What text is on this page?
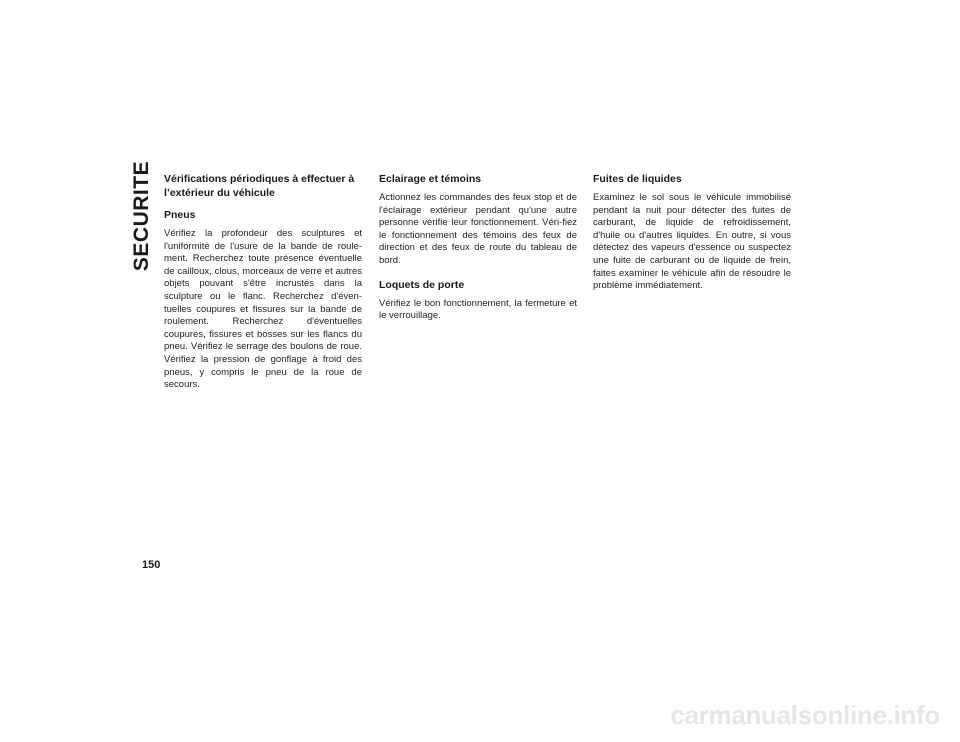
SECURITE Vérifications périodiques à effectuer à l’extérieur du véhicule
Pneus

Vérifiez la profondeur des sculptures et l'uniformité de l'usure de la bande de roule-ment. Recherchez toute présence éventuelle de cailloux, clous, morceaux de verre et autres objets pouvant s'être incrustés dans la sculpture ou le flanc. Recherchez d'éven-tuelles coupures et fissures sur la bande de roulement. Recherchez d'éventuelles coupures, fissures et bosses sur les flancs du pneu. Vérifiez le serrage des boulons de roue. Vérifiez la pression de gonflage à froid des pneus, y compris le pneu de la roue de secours.

Eclairage et témoins

Actionnez les commandes des feux stop et de l'éclairage extérieur pendant qu'une autre personne vérifie leur fonctionnement. Véri-fiez le fonctionnement des témoins des feux de direction et des feux de route du tableau de bord.

Loquets de porte

Vérifiez le bon fonctionnement, la fermeture et le verrouillage.

Fuites de liquides

Examinez le sol sous le véhicule immobilisé pendant la nuit pour détecter des fuites de carburant, de liquide de refroidissement, d'huile ou d'autres liquides. En outre, si vous détectez des vapeurs d'essence ou suspectez une fuite de carburant ou de liquide de frein, faites examiner le véhicule afin de résoudre le problème immédiatement.

150
carmanualsonline.info
